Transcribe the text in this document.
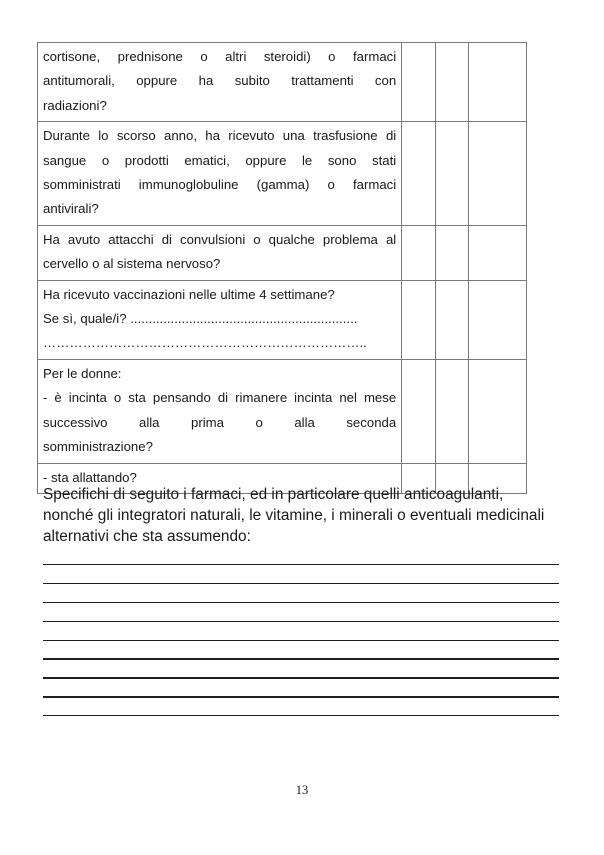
cortisone, prednisone o altri steroidi) o farmaci
antitumorali, oppure ha subito trattamenti con
radiazioni?			

Durante lo scorso anno, ha ricevuto una trasfusione di
sangue o prodotti ematici, oppure le sono stati
somministrati immunoglobuline (gamma) o farmaci
antivirali?			

Ha avuto attacchi di convulsioni o qualche problema al
cervello o al sistema nervoso?			

Ha ricevuto vaccinazioni nelle ultime 4 settimane?
Se sì, quale/i? ..............................................................
………………………………………………………………..			

Per le donne:
- è incinta o sta pensando di rimanere incinta nel mese
successivo alla prima o alla seconda
somministrazione?			

- sta allattando?			

Specifichi di seguito i farmaci, ed in particolare quelli anticoagulanti, nonché gli integratori naturali, le vitamine, i minerali o eventuali medicinali alternativi che sta assumendo:

13
